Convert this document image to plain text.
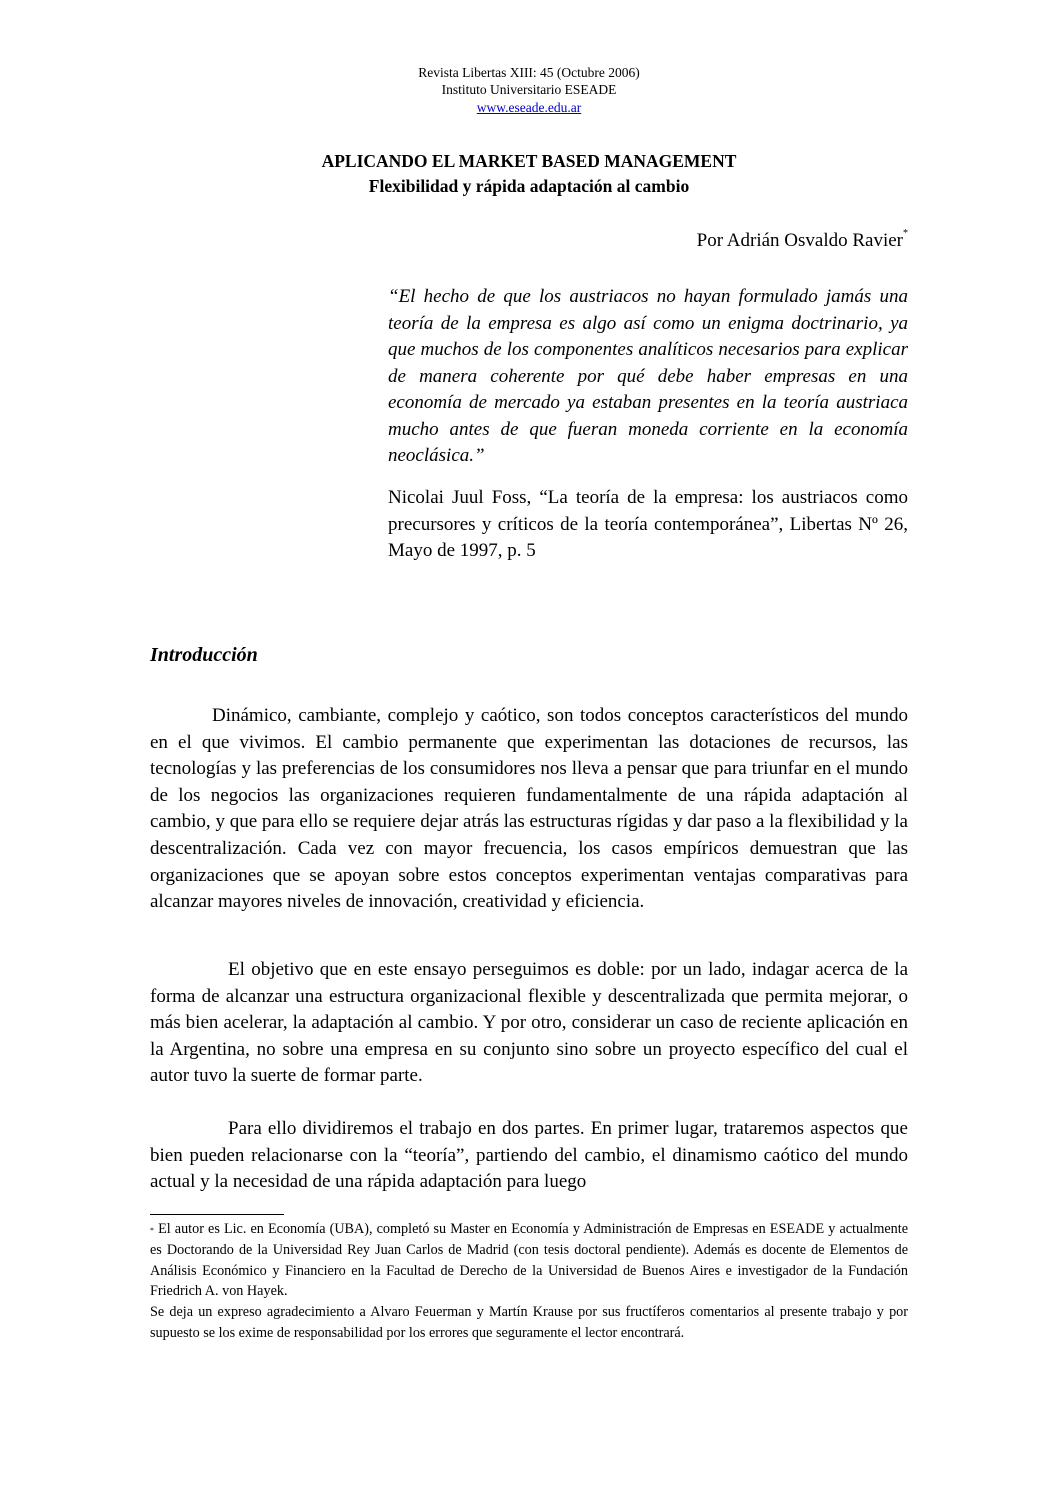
Revista Libertas XIII: 45 (Octubre 2006)
Instituto Universitario ESEADE
www.eseade.edu.ar
APLICANDO EL MARKET BASED MANAGEMENT
Flexibilidad y rápida adaptación al cambio
Por Adrián Osvaldo Ravier*
“El hecho de que los austriacos no hayan formulado jamás una teoría de la empresa es algo así como un enigma doctrinario, ya que muchos de los componentes analíticos necesarios para explicar de manera coherente por qué debe haber empresas en una economía de mercado ya estaban presentes en la teoría austriaca mucho antes de que fueran moneda corriente en la economía neoclásica.”
Nicolai Juul Foss, “La teoría de la empresa: los austriacos como precursores y críticos de la teoría contemporánea”, Libertas Nº 26, Mayo de 1997, p. 5
Introducción
Dinámico, cambiante, complejo y caótico, son todos conceptos característicos del mundo en el que vivimos. El cambio permanente que experimentan las dotaciones de recursos, las tecnologías y las preferencias de los consumidores nos lleva a pensar que para triunfar en el mundo de los negocios las organizaciones requieren fundamentalmente de una rápida adaptación al cambio, y que para ello se requiere dejar atrás las estructuras rígidas y dar paso a la flexibilidad y la descentralización. Cada vez con mayor frecuencia, los casos empíricos demuestran que las organizaciones que se apoyan sobre estos conceptos experimentan ventajas comparativas para alcanzar mayores niveles de innovación, creatividad y eficiencia.
El objetivo que en este ensayo perseguimos es doble: por un lado, indagar acerca de la forma de alcanzar una estructura organizacional flexible y descentralizada que permita mejorar, o más bien acelerar, la adaptación al cambio. Y por otro, considerar un caso de reciente aplicación en la Argentina, no sobre una empresa en su conjunto sino sobre un proyecto específico del cual el autor tuvo la suerte de formar parte.
Para ello dividiremos el trabajo en dos partes. En primer lugar, trataremos aspectos que bien pueden relacionarse con la “teoría”, partiendo del cambio, el dinamismo caótico del mundo actual y la necesidad de una rápida adaptación para luego

* El autor es Lic. en Economía (UBA), completó su Master en Economía y Administración de Empresas en ESEADE y actualmente es Doctorando de la Universidad Rey Juan Carlos de Madrid (con tesis doctoral pendiente). Además es docente de Elementos de Análisis Económico y Financiero en la Facultad de Derecho de la Universidad de Buenos Aires e investigador de la Fundación Friedrich A. von Hayek.

Se deja un expreso agradecimiento a Alvaro Feuerman y Martín Krause por sus fructíferos comentarios al presente trabajo y por supuesto se los exime de responsabilidad por los errores que seguramente el lector encontrará.
